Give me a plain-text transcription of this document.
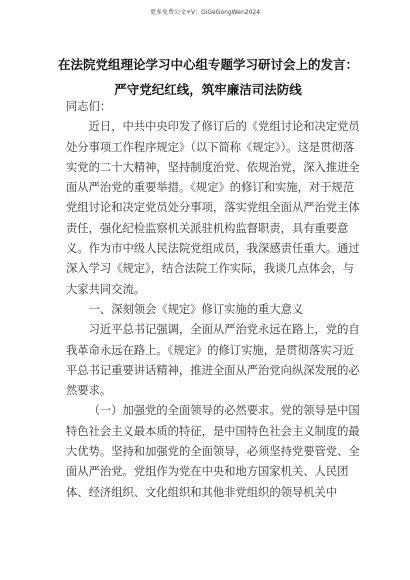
更多免费公文+V：GiGeGongWen2024
在法院党组理论学习中心组专题学习研讨会上的发言：严守党纪红线，筑牢廉洁司法防线

同志们：

近日，中共中央印发了修订后的《党组讨论和决定党员处分事项工作程序规定》（以下简称《规定》）。这是贯彻落实党的二十大精神，坚持制度治党、依规治党，深入推进全面从严治党的重要举措。《规定》的修订和实施，对于规范党组讨论和决定党员处分事项，落实党组全面从严治党主体责任，强化纪检监察机关派驻机构监督职责，具有重要意义。作为市中级人民法院党组成员，我深感责任重大。通过深入学习《规定》，结合法院工作实际，我谈几点体会，与大家共同交流。

一、深刻领会《规定》修订实施的重大意义

习近平总书记强调，全面从严治党永远在路上，党的自我革命永远在路上。《规定》的修订实施，是贯彻落实习近平总书记重要讲话精神，推进全面从严治党向纵深发展的必然要求。

（一）加强党的全面领导的必然要求。党的领导是中国特色社会主义最本质的特征，是中国特色社会主义制度的最大优势。坚持和加强党的全面领导，必须坚持党要管党、全面从严治党。党组作为党在中央和地方国家机关、人民团体、经济组织、文化组织和其他非党组织的领导机关中
